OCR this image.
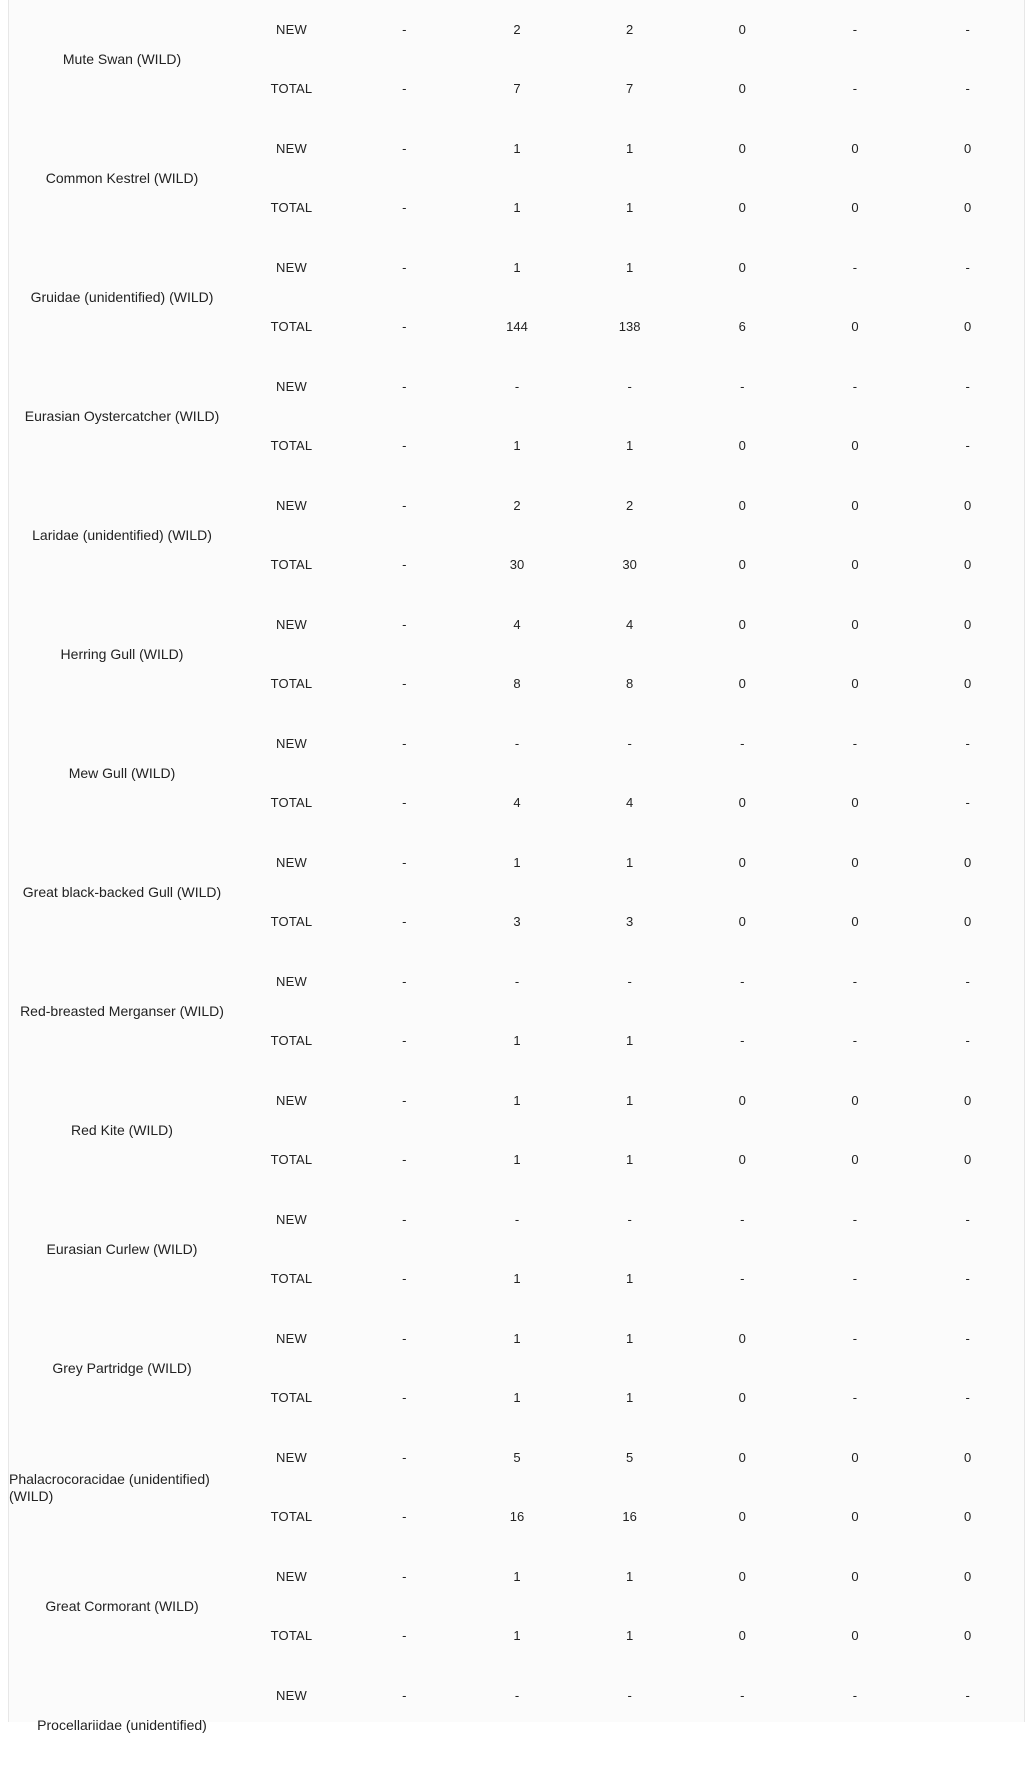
Mute Swan (WILD)	NEW	-	2	2	0	-	-
	TOTAL	-	7	7	0	-	-
Common Kestrel (WILD)	NEW	-	1	1	0	0	0
	TOTAL	-	1	1	0	0	0
Gruidae (unidentified) (WILD)	NEW	-	1	1	0	-	-
	TOTAL	-	144	138	6	0	0
Eurasian Oystercatcher (WILD)	NEW	-	-	-	-	-	-
	TOTAL	-	1	1	0	0	-
Laridae (unidentified) (WILD)	NEW	-	2	2	0	0	0
	TOTAL	-	30	30	0	0	0
Herring Gull (WILD)	NEW	-	4	4	0	0	0
	TOTAL	-	8	8	0	0	0
Mew Gull (WILD)	NEW	-	-	-	-	-	-
	TOTAL	-	4	4	0	0	-
Great black-backed Gull (WILD)	NEW	-	1	1	0	0	0
	TOTAL	-	3	3	0	0	0
Red-breasted Merganser (WILD)	NEW	-	-	-	-	-	-
	TOTAL	-	1	1	-	-	-
Red Kite (WILD)	NEW	-	1	1	0	0	0
	TOTAL	-	1	1	0	0	0
Eurasian Curlew (WILD)	NEW	-	-	-	-	-	-
	TOTAL	-	1	1	-	-	-
Grey Partridge (WILD)	NEW	-	1	1	0	-	-
	TOTAL	-	1	1	0	-	-
Phalacrocoracidae (unidentified) (WILD)	NEW	-	5	5	0	0	0
	TOTAL	-	16	16	0	0	0
Great Cormorant (WILD)	NEW	-	1	1	0	0	0
	TOTAL	-	1	1	0	0	0
Procellariidae (unidentified)	NEW	-	-	-	-	-	-
